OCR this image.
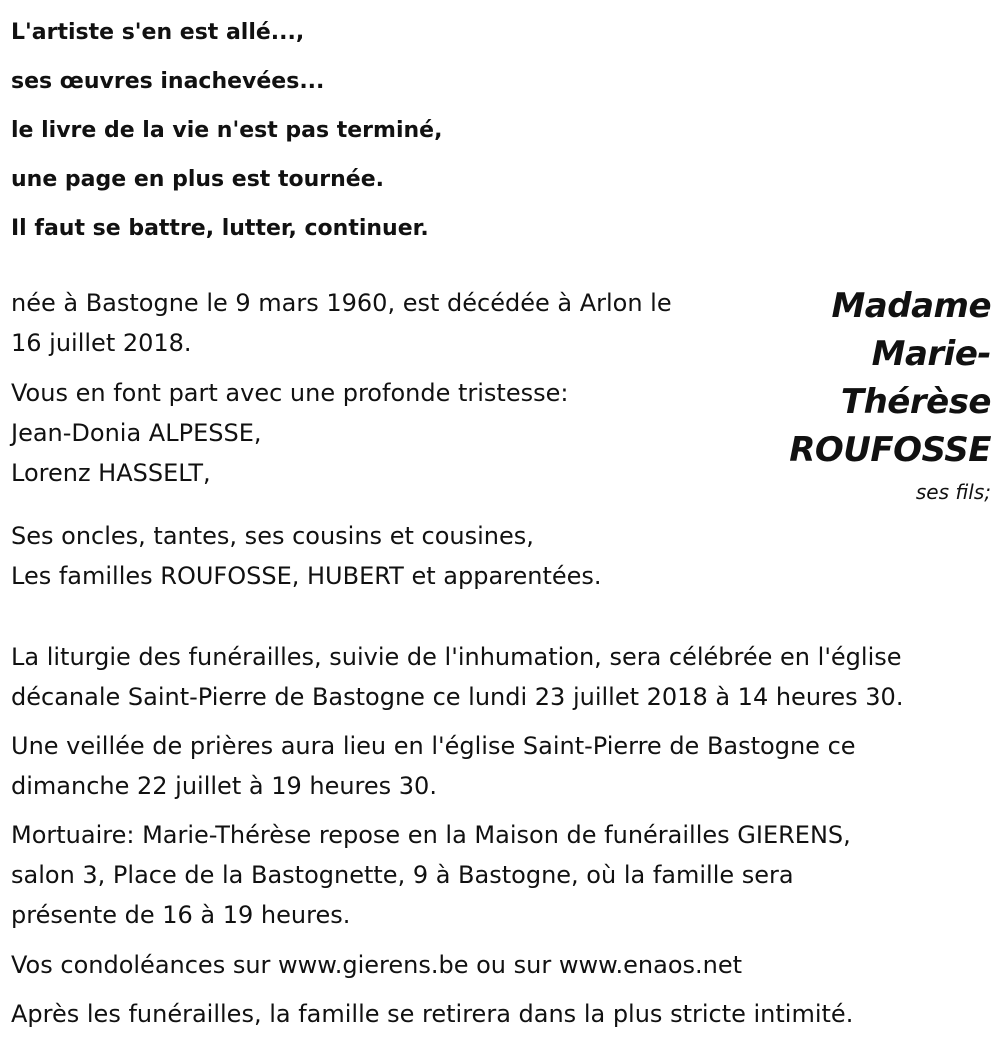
L'artiste s'en est allé...,
ses œuvres inachevées...
le livre de la vie n'est pas terminé,
une page en plus est tournée.
Il faut se battre, lutter, continuer.
Madame
Marie-
Thérèse
ROUFOSSE
ses fils;
née à Bastogne le 9 mars 1960, est décédée à Arlon le
16 juillet 2018.
Vous en font part avec une profonde tristesse:
Jean-Donia ALPESSE,
Lorenz HASSELT,
Ses oncles, tantes, ses cousins et cousines,
Les familles ROUFOSSE, HUBERT et apparentées.
La liturgie des funérailles, suivie de l'inhumation, sera célébrée en l'église
décanale Saint-Pierre de Bastogne ce lundi 23 juillet 2018 à 14 heures 30.
Une veillée de prières aura lieu en l'église Saint-Pierre de Bastogne ce
dimanche 22 juillet à 19 heures 30.
Mortuaire: Marie-Thérèse repose en la Maison de funérailles GIERENS,
salon 3, Place de la Bastognette, 9 à Bastogne, où la famille sera
présente de 16 à 19 heures.
Vos condoléances sur www.gierens.be ou sur www.enaos.net
Après les funérailles, la famille se retirera dans la plus stricte intimité.
